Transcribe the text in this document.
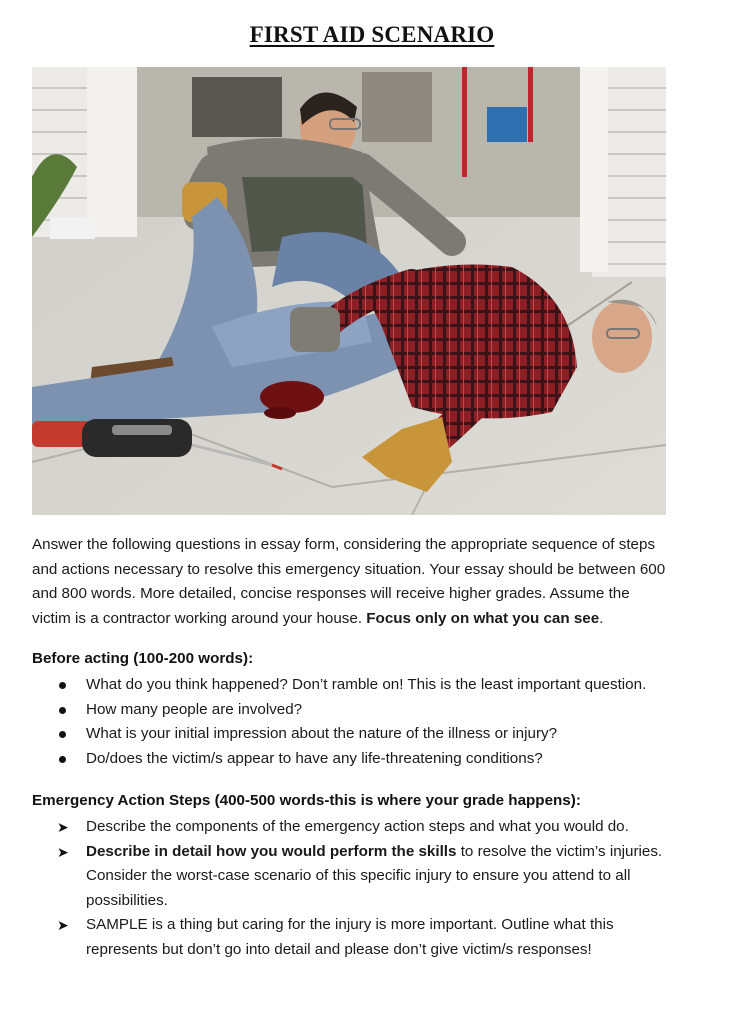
FIRST AID SCENARIO
Answer the following questions in essay form, considering the appropriate sequence of steps
and actions necessary to resolve this emergency situation. Your essay should be between 600
and 800 words. More detailed, concise responses will receive higher grades. Assume the
victim is a contractor working around your house. Focus only on what you can see.
Before acting (100-200 words):
What do you think happened? Don’t ramble on! This is the least important question.
How many people are involved?
What is your initial impression about the nature of the illness or injury?
Do/does the victim/s appear to have any life-threatening conditions?
Emergency Action Steps (400-500 words-this is where your grade happens):
➤ Describe the components of the emergency action steps and what you would do.
➤ Describe in detail how you would perform the skills to resolve the victim’s injuries.
Consider the worst-case scenario of this specific injury to ensure you attend to all
possibilities.
➤ SAMPLE is a thing but caring for the injury is more important. Outline what this
represents but don’t go into detail and please don’t give victim/s responses!
